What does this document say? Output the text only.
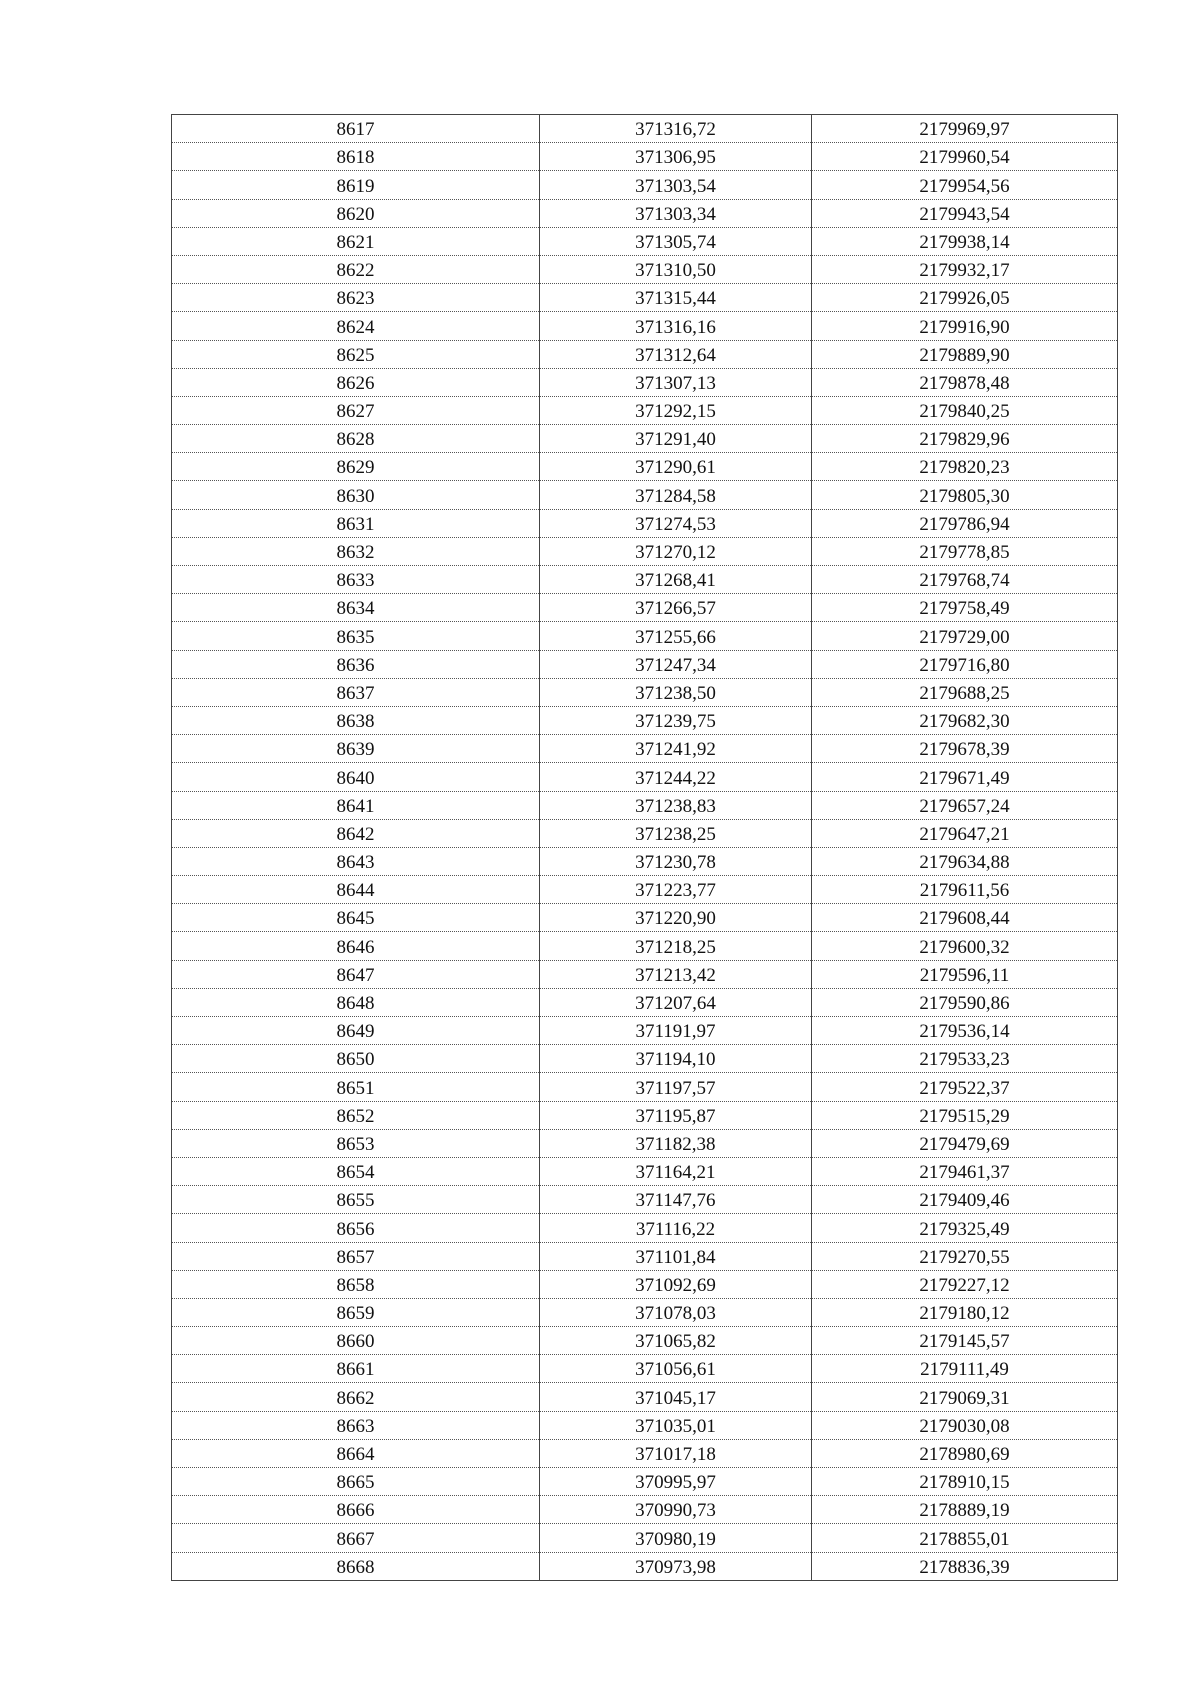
8617	371316,72	2179969,97
8618	371306,95	2179960,54
8619	371303,54	2179954,56
8620	371303,34	2179943,54
8621	371305,74	2179938,14
8622	371310,50	2179932,17
8623	371315,44	2179926,05
8624	371316,16	2179916,90
8625	371312,64	2179889,90
8626	371307,13	2179878,48
8627	371292,15	2179840,25
8628	371291,40	2179829,96
8629	371290,61	2179820,23
8630	371284,58	2179805,30
8631	371274,53	2179786,94
8632	371270,12	2179778,85
8633	371268,41	2179768,74
8634	371266,57	2179758,49
8635	371255,66	2179729,00
8636	371247,34	2179716,80
8637	371238,50	2179688,25
8638	371239,75	2179682,30
8639	371241,92	2179678,39
8640	371244,22	2179671,49
8641	371238,83	2179657,24
8642	371238,25	2179647,21
8643	371230,78	2179634,88
8644	371223,77	2179611,56
8645	371220,90	2179608,44
8646	371218,25	2179600,32
8647	371213,42	2179596,11
8648	371207,64	2179590,86
8649	371191,97	2179536,14
8650	371194,10	2179533,23
8651	371197,57	2179522,37
8652	371195,87	2179515,29
8653	371182,38	2179479,69
8654	371164,21	2179461,37
8655	371147,76	2179409,46
8656	371116,22	2179325,49
8657	371101,84	2179270,55
8658	371092,69	2179227,12
8659	371078,03	2179180,12
8660	371065,82	2179145,57
8661	371056,61	2179111,49
8662	371045,17	2179069,31
8663	371035,01	2179030,08
8664	371017,18	2178980,69
8665	370995,97	2178910,15
8666	370990,73	2178889,19
8667	370980,19	2178855,01
8668	370973,98	2178836,39
